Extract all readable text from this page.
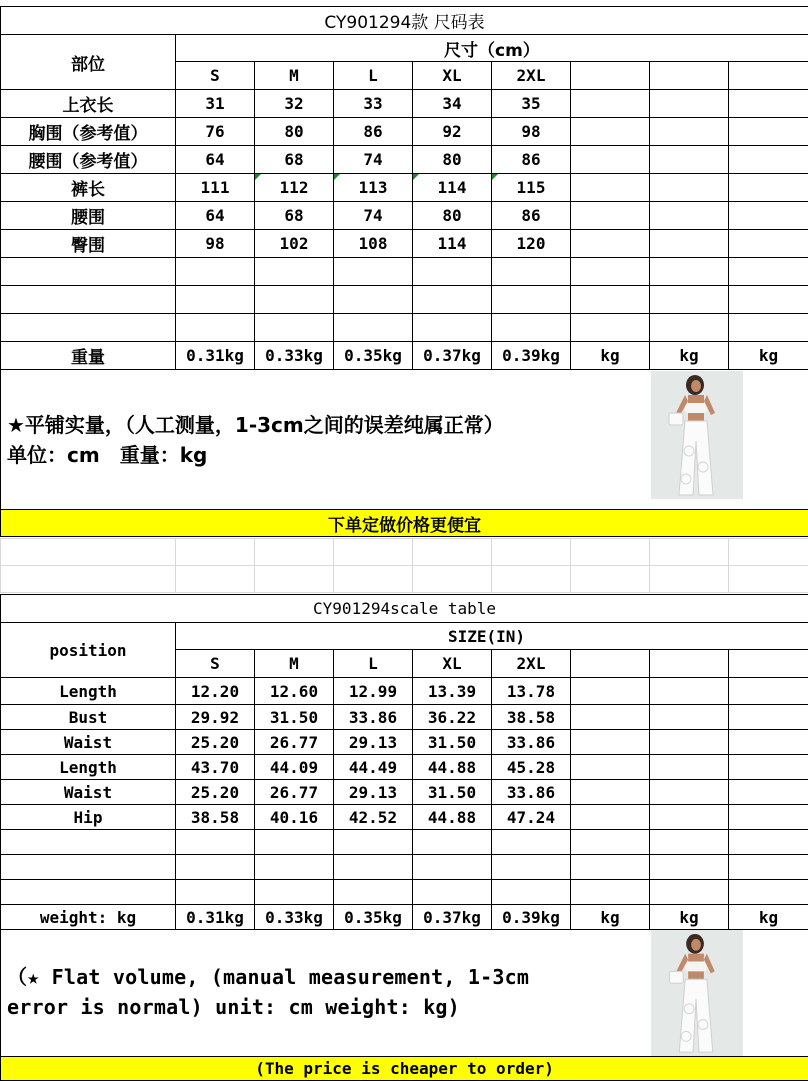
CY901294款 尺码表								
部位	尺寸（cm）							
	S	M	L	XL	2XL			
上衣长	31	32	33	34	35			
胸围（参考值）	76	80	86	92	98			
腰围（参考值）	64	68	74	80	86			
裤长	111	112	113	114	115			
腰围	64	68	74	80	86			
臀围	98	102	108	114	120			

重量	0.31kg	0.33kg	0.35kg	0.37kg	0.39kg	kg	kg	kg

★平铺实量，（人工测量，1-3cm之间的误差纯属正常）
单位：cm　重量：kg								

下单定做价格更便宜								

CY901294scale table								
position	SIZE(IN)							
	S	M	L	XL	2XL			
Length	12.20	12.60	12.99	13.39	13.78			
Bust	29.92	31.50	33.86	36.22	38.58			
Waist	25.20	26.77	29.13	31.50	33.86			
Length	43.70	44.09	44.49	44.88	45.28			
Waist	25.20	26.77	29.13	31.50	33.86			
Hip	38.58	40.16	42.52	44.88	47.24			

weight: kg	0.31kg	0.33kg	0.35kg	0.37kg	0.39kg	kg	kg	kg

（★ Flat volume, (manual measurement, 1-3cm
error is normal) unit: cm weight: kg)								

(The price is cheaper to order)								
